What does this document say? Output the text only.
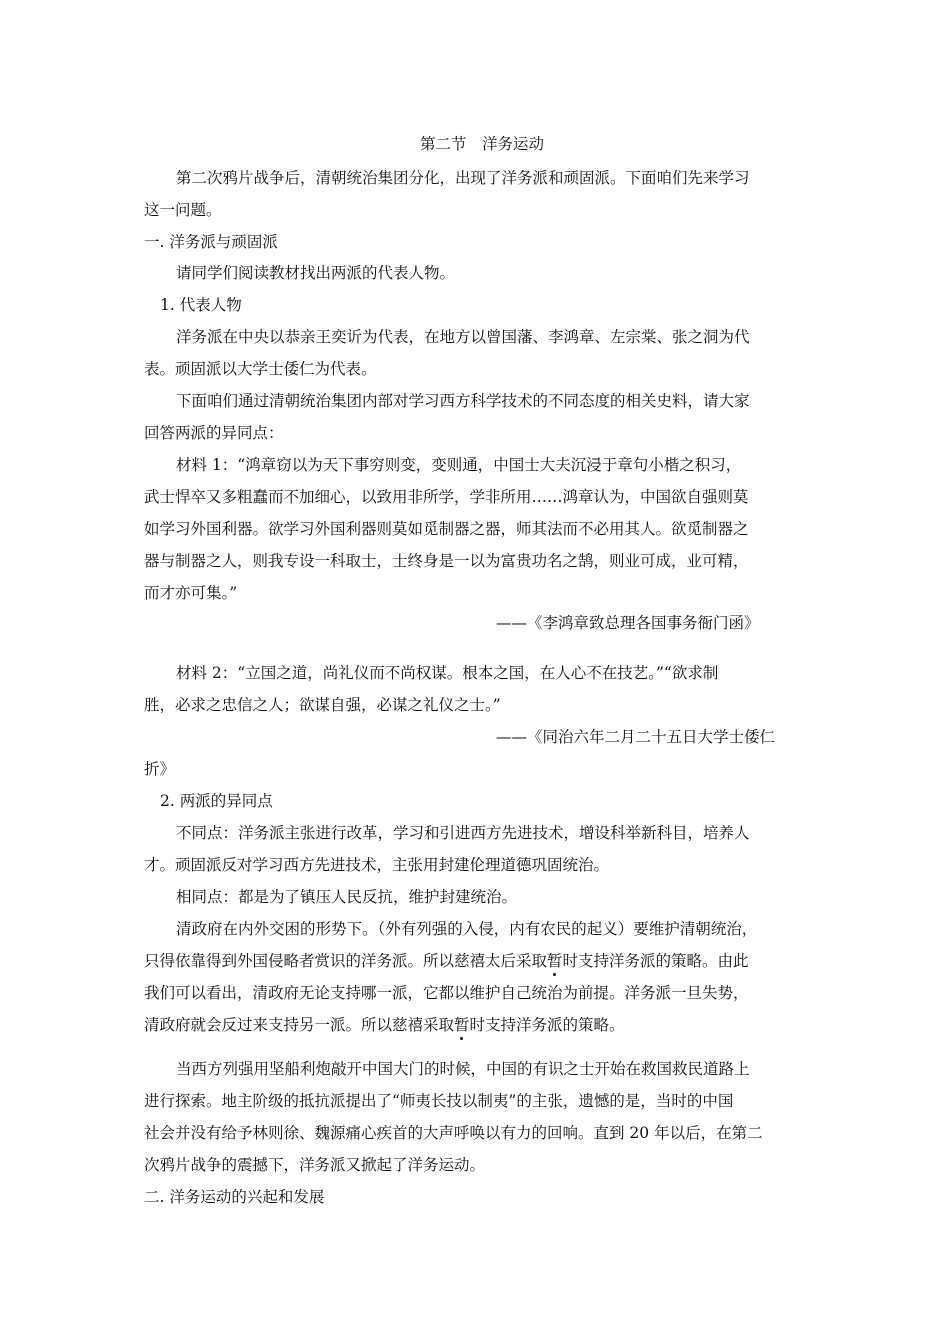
第二节　洋务运动
第二次鸦片战争后，清朝统治集团分化，出现了洋务派和顽固派。下面咱们先来学习
这一问题。
一. 洋务派与顽固派
请同学们阅读教材找出两派的代表人物。
1. 代表人物
洋务派在中央以恭亲王奕䜣为代表，在地方以曾国藩、李鸿章、左宗棠、张之洞为代
表。顽固派以大学士倭仁为代表。
下面咱们通过清朝统治集团内部对学习西方科学技术的不同态度的相关史料，请大家
回答两派的异同点：
材料 1：“鸿章窃以为天下事穷则变，变则通，中国士大夫沉浸于章句小楷之积习，
武士悍卒又多粗蠢而不加细心，以致用非所学，学非所用……鸿章认为，中国欲自强则莫
如学习外国利器。欲学习外国利器则莫如觅制器之器，师其法而不必用其人。欲觅制器之
器与制器之人，则我专设一科取士，士终身是一以为富贵功名之鹄，则业可成，业可精，
而才亦可集。”
——《李鸿章致总理各国事务衙门函》
材料 2：“立国之道，尚礼仪而不尚权谋。根本之国，在人心不在技艺。”“欲求制
胜，必求之忠信之人；欲谋自强，必谋之礼仪之士。”
——《同治六年二月二十五日大学士倭仁
折》
2. 两派的异同点
不同点：洋务派主张进行改革，学习和引进西方先进技术，增设科举新科目，培养人
才。顽固派反对学习西方先进技术，主张用封建伦理道德巩固统治。
相同点：都是为了镇压人民反抗，维护封建统治。
清政府在内外交困的形势下。（外有列强的入侵，内有农民的起义）要维护清朝统治，
只得依靠得到外国侵略者赏识的洋务派。所以慈禧太后采取暂时支持洋务派的策略。由此
我们可以看出，清政府无论支持哪一派，它都以维护自己统治为前提。洋务派一旦失势，
清政府就会反过来支持另一派。所以慈禧采取暂时支持洋务派的策略。
当西方列强用坚船利炮敲开中国大门的时候，中国的有识之士开始在救国救民道路上
进行探索。地主阶级的抵抗派提出了“师夷长技以制夷”的主张，遗憾的是，当时的中国
社会并没有给予林则徐、魏源痛心疾首的大声呼唤以有力的回响。直到 20 年以后，在第二
次鸦片战争的震撼下，洋务派又掀起了洋务运动。
二. 洋务运动的兴起和发展
